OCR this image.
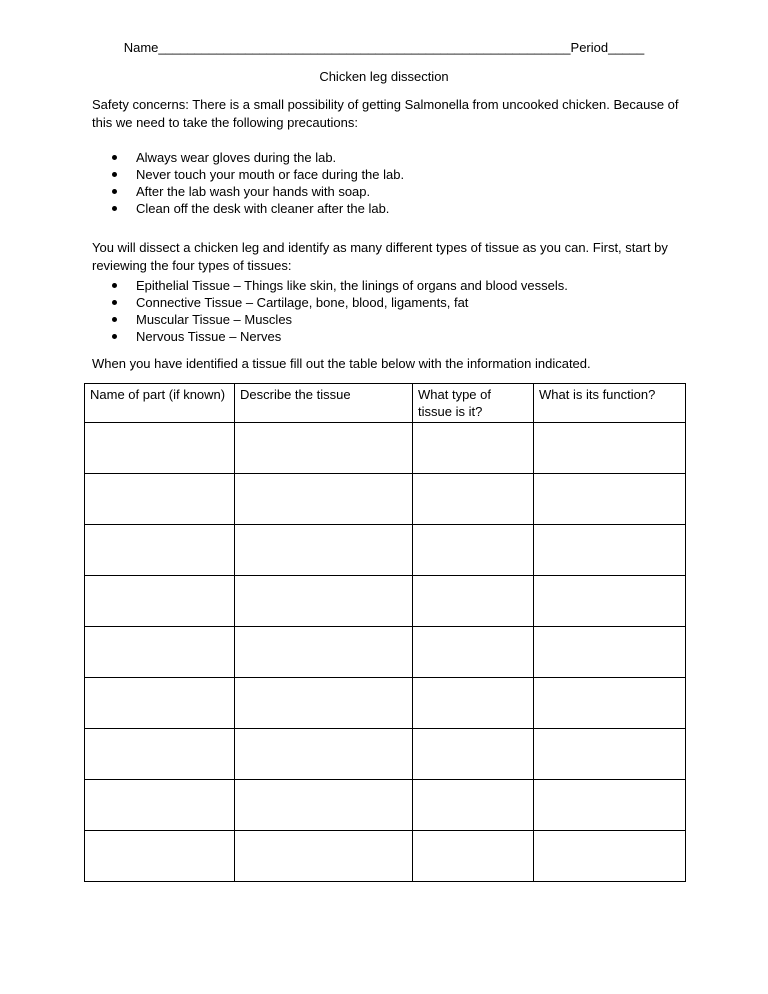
Name_________________________________________________________Period_____
Chicken leg dissection
Safety concerns: There is a small possibility of getting Salmonella from uncooked chicken. Because of this we need to take the following precautions:
Always wear gloves during the lab.
Never touch your mouth or face during the lab.
After the lab wash your hands with soap.
Clean off the desk with cleaner after the lab.
You will dissect a chicken leg and identify as many different types of tissue as you can. First, start by reviewing the four types of tissues:
Epithelial Tissue – Things like skin, the linings of organs and blood vessels.
Connective Tissue – Cartilage, bone, blood, ligaments, fat
Muscular Tissue – Muscles
Nervous Tissue – Nerves
When you have identified a tissue fill out the table below with the information indicated.
Name of part (if known)	Describe the tissue	What type of tissue is it?	What is its function?
